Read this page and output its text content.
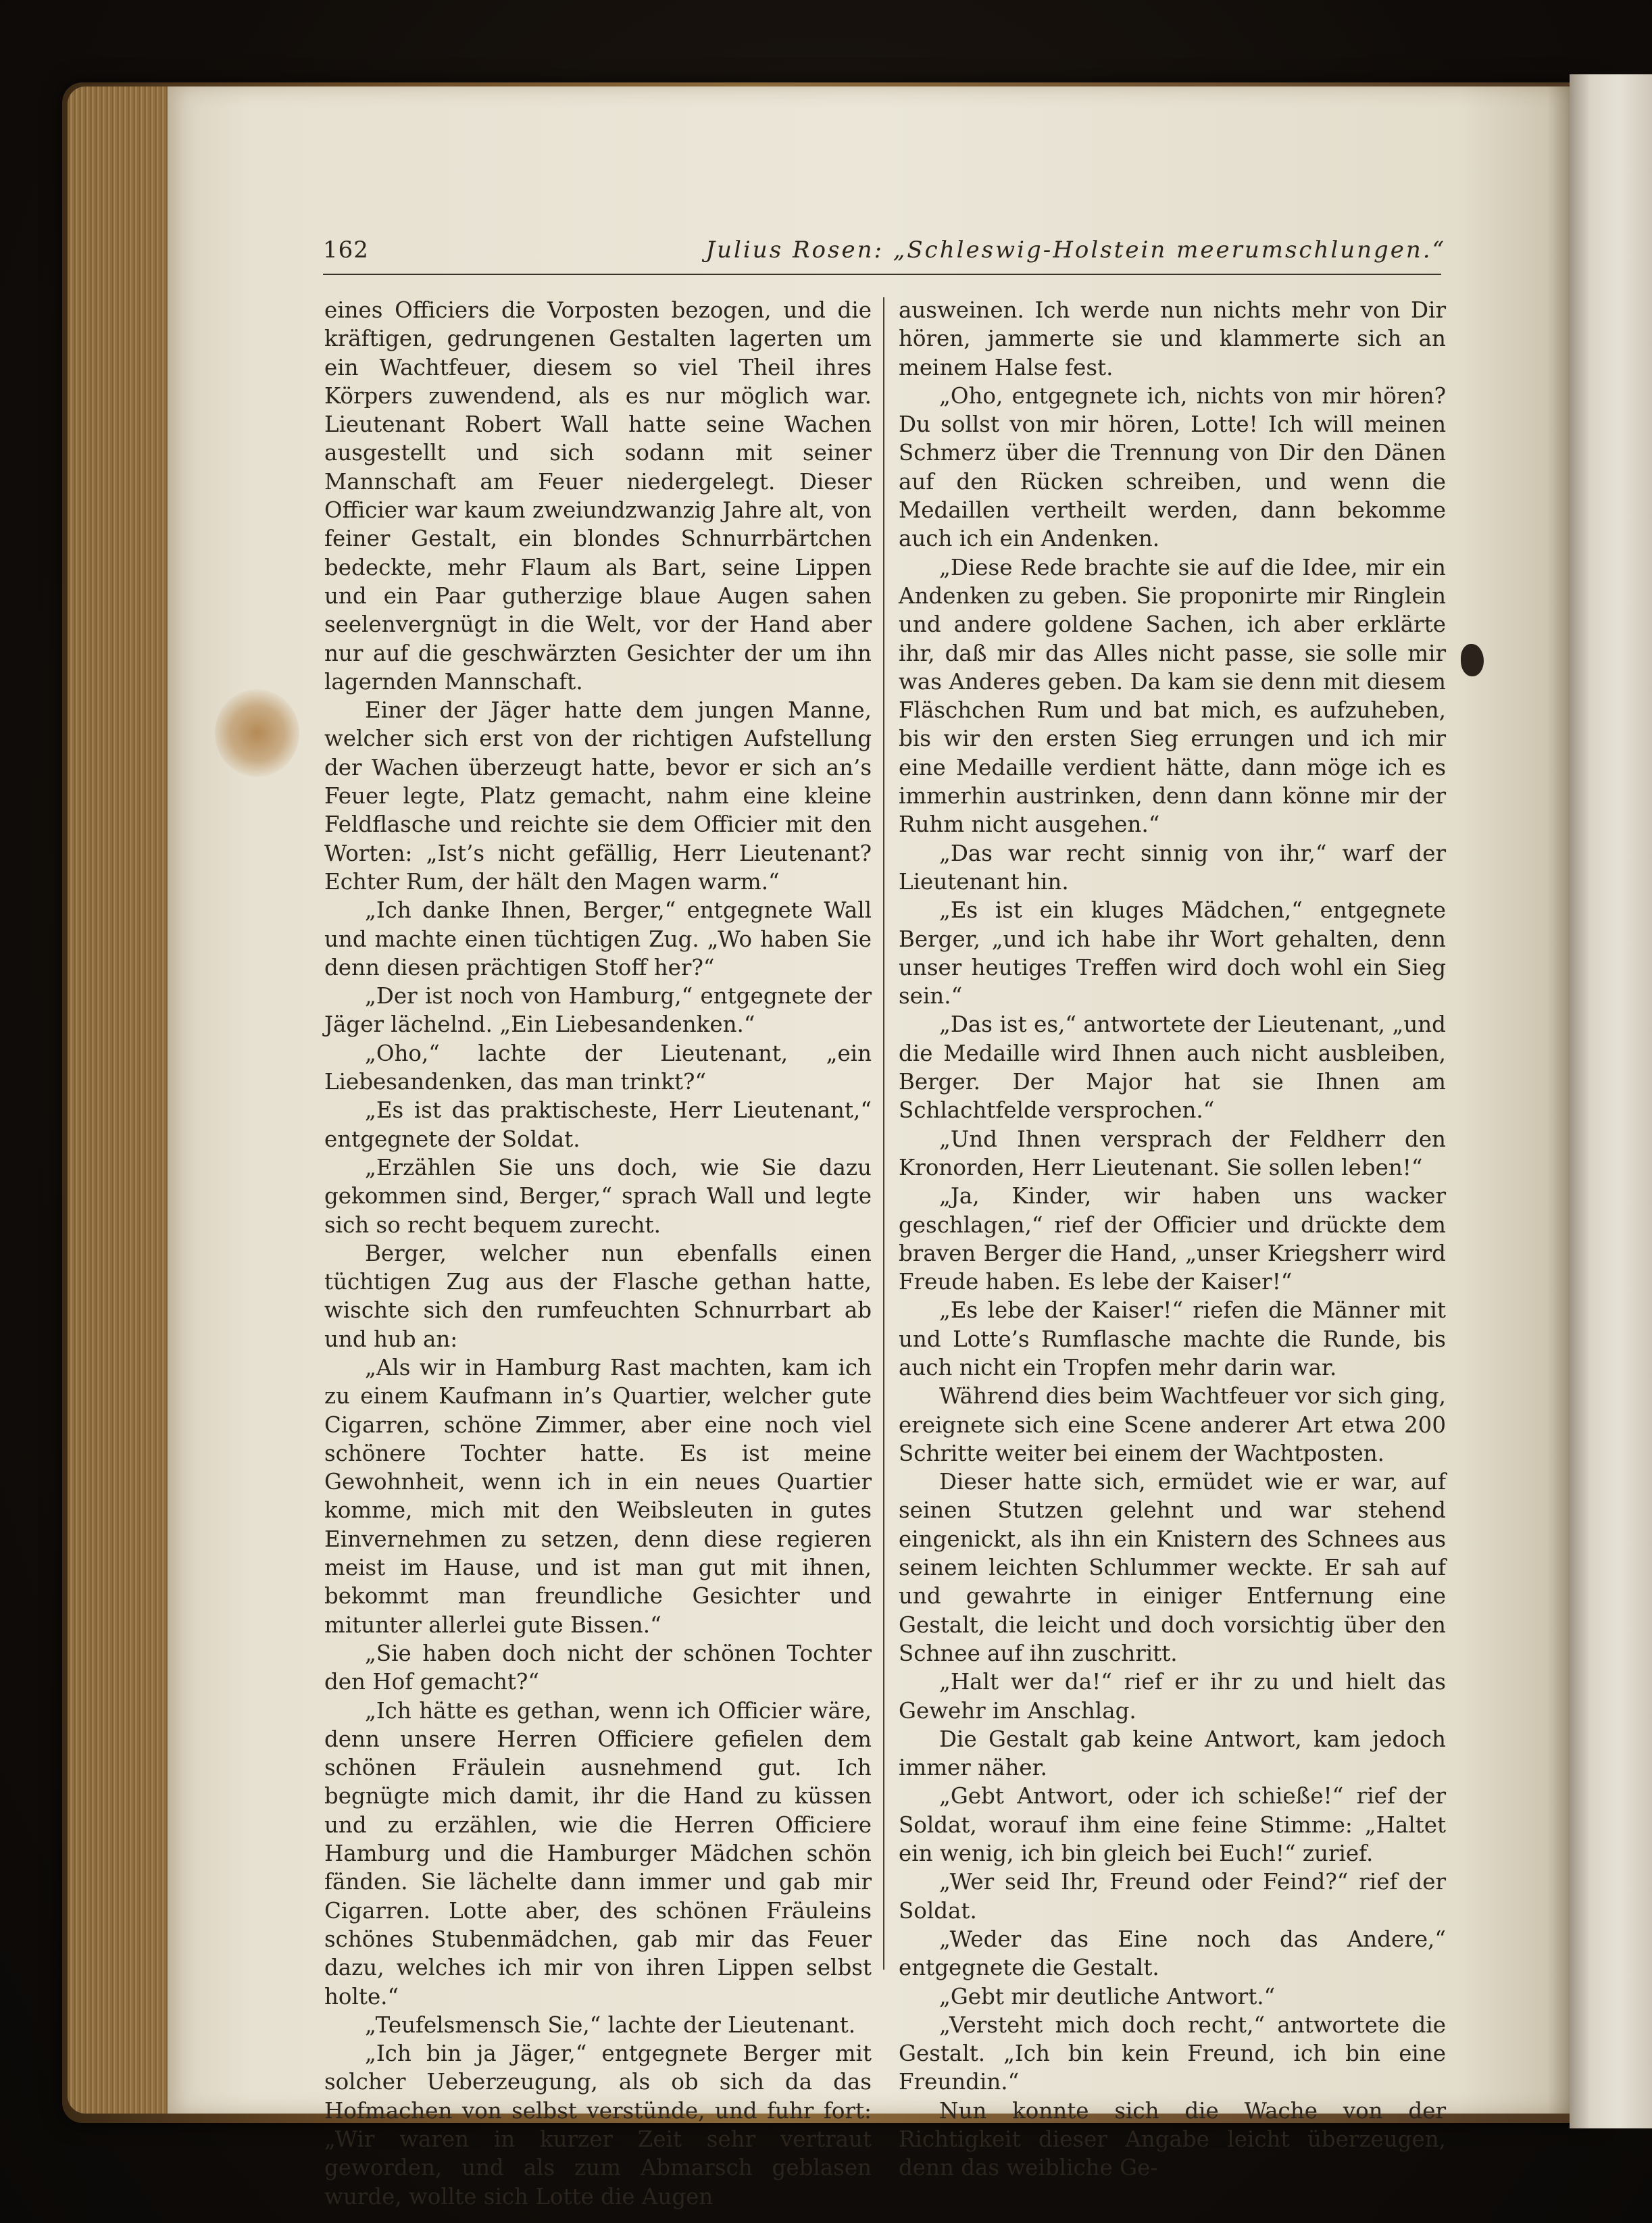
162	Julius Rosen: „Schleswig-Holstein meerumschlungen.“

eines Officiers die Vorposten bezogen, und die kräftigen, gedrungenen Gestalten lagerten um ein Wachtfeuer, diesem so viel Theil ihres Körpers zuwendend, als es nur möglich war. Lieutenant Robert Wall hatte seine Wachen ausgestellt und sich sodann mit seiner Mannschaft am Feuer niedergelegt. Dieser Officier war kaum zweiundzwanzig Jahre alt, von feiner Gestalt, ein blondes Schnurrbärtchen bedeckte, mehr Flaum als Bart, seine Lippen und ein Paar gutherzige blaue Augen sahen seelenvergnügt in die Welt, vor der Hand aber nur auf die geschwärzten Gesichter der um ihn lagernden Mannschaft.

Einer der Jäger hatte dem jungen Manne, welcher sich erst von der richtigen Aufstellung der Wachen überzeugt hatte, bevor er sich an’s Feuer legte, Platz gemacht, nahm eine kleine Feldflasche und reichte sie dem Officier mit den Worten: „Ist’s nicht gefällig, Herr Lieutenant? Echter Rum, der hält den Magen warm.“

„Ich danke Ihnen, Berger,“ entgegnete Wall und machte einen tüchtigen Zug. „Wo haben Sie denn diesen prächtigen Stoff her?“

„Der ist noch von Hamburg,“ entgegnete der Jäger lächelnd. „Ein Liebesandenken.“

„Oho,“ lachte der Lieutenant, „ein Liebesandenken, das man trinkt?“

„Es ist das praktischeste, Herr Lieutenant,“ entgegnete der Soldat.

„Erzählen Sie uns doch, wie Sie dazu gekommen sind, Berger,“ sprach Wall und legte sich so recht bequem zurecht.

Berger, welcher nun ebenfalls einen tüchtigen Zug aus der Flasche gethan hatte, wischte sich den rumfeuchten Schnurrbart ab und hub an:

„Als wir in Hamburg Rast machten, kam ich zu einem Kaufmann in’s Quartier, welcher gute Cigarren, schöne Zimmer, aber eine noch viel schönere Tochter hatte. Es ist meine Gewohnheit, wenn ich in ein neues Quartier komme, mich mit den Weibsleuten in gutes Einvernehmen zu setzen, denn diese regieren meist im Hause, und ist man gut mit ihnen, bekommt man freundliche Gesichter und mitunter allerlei gute Bissen.“

„Sie haben doch nicht der schönen Tochter den Hof gemacht?“

„Ich hätte es gethan, wenn ich Officier wäre, denn unsere Herren Officiere gefielen dem schönen Fräulein ausnehmend gut. Ich begnügte mich damit, ihr die Hand zu küssen und zu erzählen, wie die Herren Officiere Hamburg und die Hamburger Mädchen schön fänden. Sie lächelte dann immer und gab mir Cigarren. Lotte aber, des schönen Fräuleins schönes Stubenmädchen, gab mir das Feuer dazu, welches ich mir von ihren Lippen selbst holte.“

„Teufelsmensch Sie,“ lachte der Lieutenant.

„Ich bin ja Jäger,“ entgegnete Berger mit solcher Ueberzeugung, als ob sich da das Hofmachen von selbst verstünde, und fuhr fort: „Wir waren in kurzer Zeit sehr vertraut geworden, und als zum Abmarsch geblasen wurde, wollte sich Lotte die Augen

ausweinen. Ich werde nun nichts mehr von Dir hören, jammerte sie und klammerte sich an meinem Halse fest.

„Oho, entgegnete ich, nichts von mir hören? Du sollst von mir hören, Lotte! Ich will meinen Schmerz über die Trennung von Dir den Dänen auf den Rücken schreiben, und wenn die Medaillen vertheilt werden, dann bekomme auch ich ein Andenken.

„Diese Rede brachte sie auf die Idee, mir ein Andenken zu geben. Sie proponirte mir Ringlein und andere goldene Sachen, ich aber erklärte ihr, daß mir das Alles nicht passe, sie solle mir was Anderes geben. Da kam sie denn mit diesem Fläschchen Rum und bat mich, es aufzuheben, bis wir den ersten Sieg errungen und ich mir eine Medaille verdient hätte, dann möge ich es immerhin austrinken, denn dann könne mir der Ruhm nicht ausgehen.“

„Das war recht sinnig von ihr,“ warf der Lieutenant hin.

„Es ist ein kluges Mädchen,“ entgegnete Berger, „und ich habe ihr Wort gehalten, denn unser heutiges Treffen wird doch wohl ein Sieg sein.“

„Das ist es,“ antwortete der Lieutenant, „und die Medaille wird Ihnen auch nicht ausbleiben, Berger. Der Major hat sie Ihnen am Schlachtfelde versprochen.“

„Und Ihnen versprach der Feldherr den Kronorden, Herr Lieutenant. Sie sollen leben!“

„Ja, Kinder, wir haben uns wacker geschlagen,“ rief der Officier und drückte dem braven Berger die Hand, „unser Kriegsherr wird Freude haben. Es lebe der Kaiser!“

„Es lebe der Kaiser!“ riefen die Männer mit und Lotte’s Rumflasche machte die Runde, bis auch nicht ein Tropfen mehr darin war.

Während dies beim Wachtfeuer vor sich ging, ereignete sich eine Scene anderer Art etwa 200 Schritte weiter bei einem der Wachtposten.

Dieser hatte sich, ermüdet wie er war, auf seinen Stutzen gelehnt und war stehend eingenickt, als ihn ein Knistern des Schnees aus seinem leichten Schlummer weckte. Er sah auf und gewahrte in einiger Entfernung eine Gestalt, die leicht und doch vorsichtig über den Schnee auf ihn zuschritt.

„Halt wer da!“ rief er ihr zu und hielt das Gewehr im Anschlag.

Die Gestalt gab keine Antwort, kam jedoch immer näher.

„Gebt Antwort, oder ich schieße!“ rief der Soldat, worauf ihm eine feine Stimme: „Haltet ein wenig, ich bin gleich bei Euch!“ zurief.

„Wer seid Ihr, Freund oder Feind?“ rief der Soldat.

„Weder das Eine noch das Andere,“ entgegnete die Gestalt.

„Gebt mir deutliche Antwort.“

„Versteht mich doch recht,“ antwortete die Gestalt. „Ich bin kein Freund, ich bin eine Freundin.“

Nun konnte sich die Wache von der Richtigkeit dieser Angabe leicht überzeugen, denn das weibliche Ge-
